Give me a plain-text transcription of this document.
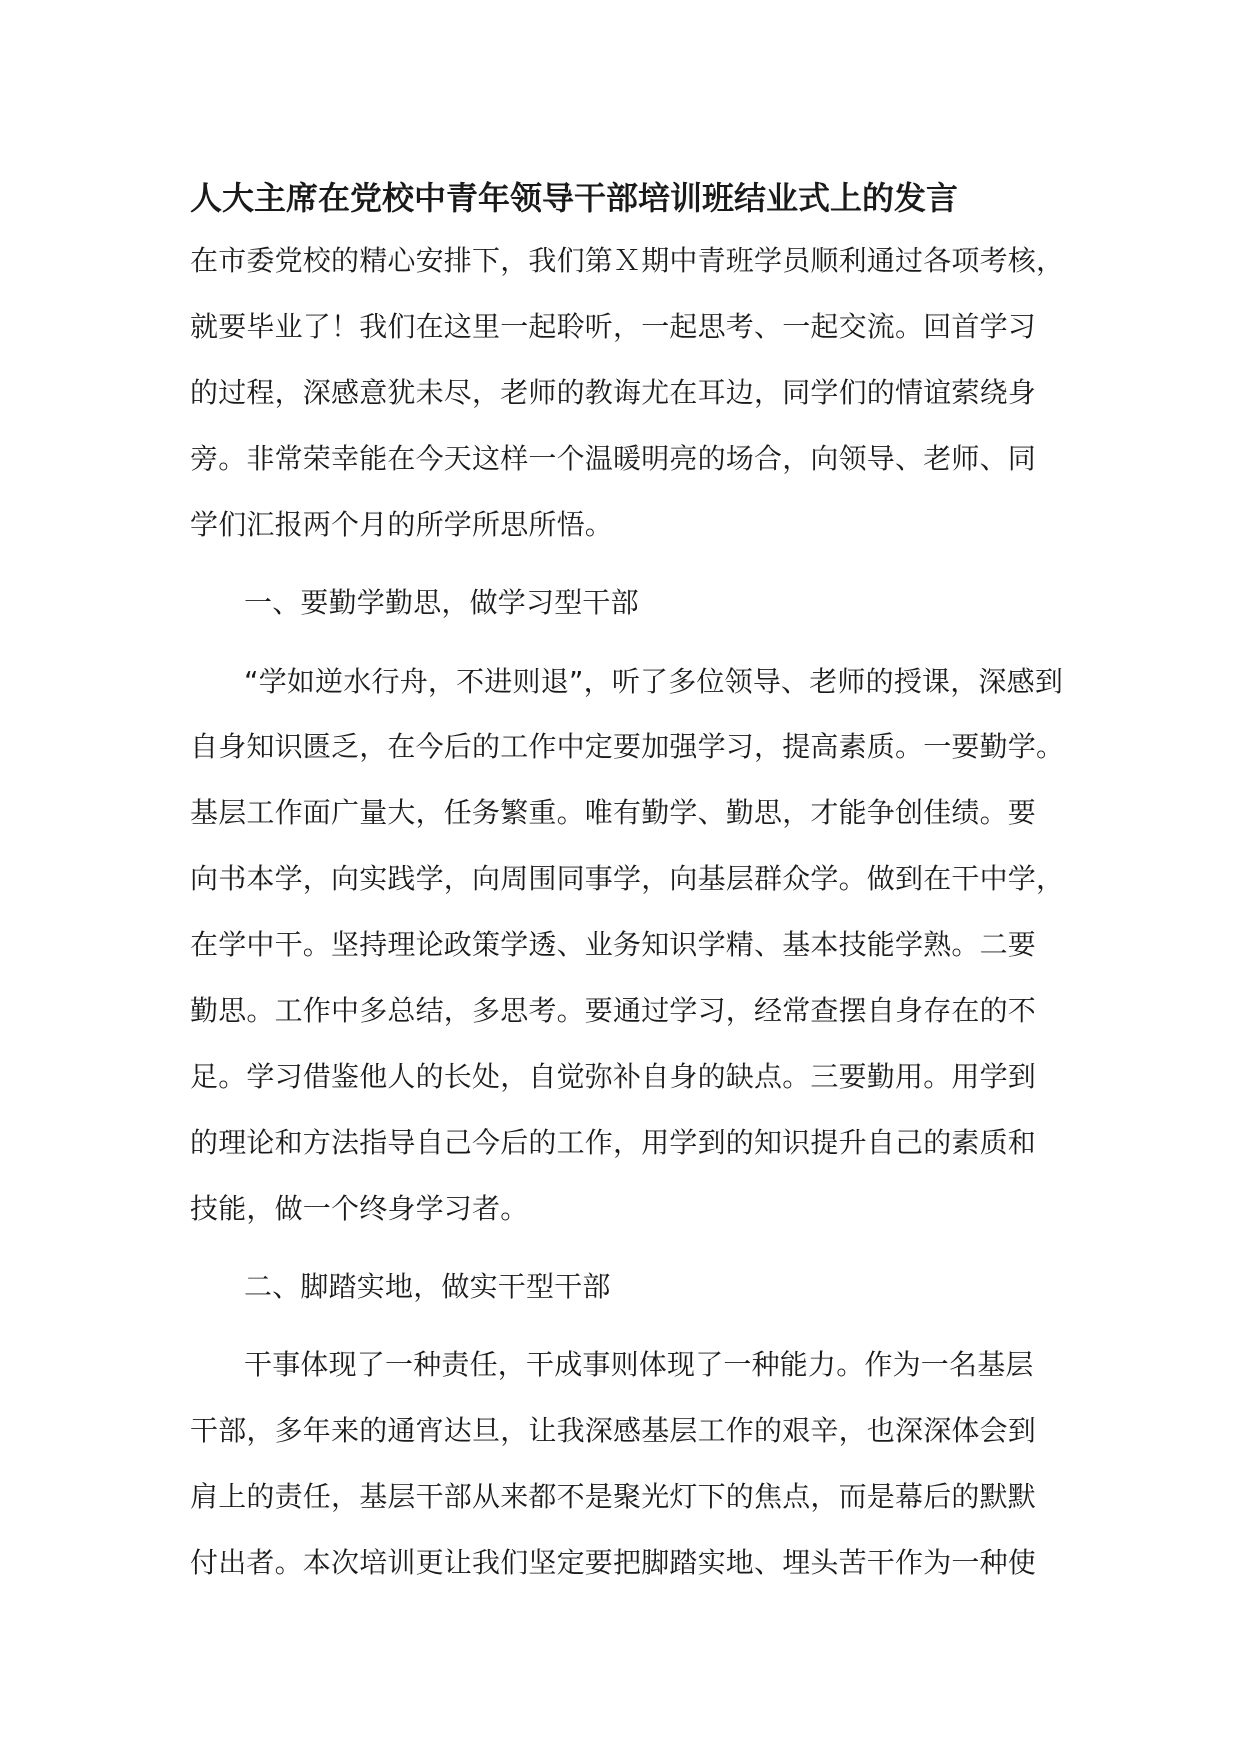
人大主席在党校中青年领导干部培训班结业式上的发言
在市委党校的精心安排下，我们第Ｘ期中青班学员顺利通过各项考核，
就要毕业了！我们在这里一起聆听，一起思考、一起交流。回首学习
的过程，深感意犹未尽，老师的教诲尤在耳边，同学们的情谊萦绕身
旁。非常荣幸能在今天这样一个温暖明亮的场合，向领导、老师、同
学们汇报两个月的所学所思所悟。
一、要勤学勤思，做学习型干部
“学如逆水行舟，不进则退”，听了多位领导、老师的授课，深感到
自身知识匮乏，在今后的工作中定要加强学习，提高素质。一要勤学。
基层工作面广量大，任务繁重。唯有勤学、勤思，才能争创佳绩。要
向书本学，向实践学，向周围同事学，向基层群众学。做到在干中学，
在学中干。坚持理论政策学透、业务知识学精、基本技能学熟。二要
勤思。工作中多总结，多思考。要通过学习，经常查摆自身存在的不
足。学习借鉴他人的长处，自觉弥补自身的缺点。三要勤用。用学到
的理论和方法指导自己今后的工作，用学到的知识提升自己的素质和
技能，做一个终身学习者。
二、脚踏实地，做实干型干部
干事体现了一种责任，干成事则体现了一种能力。作为一名基层
干部，多年来的通宵达旦，让我深感基层工作的艰辛，也深深体会到
肩上的责任，基层干部从来都不是聚光灯下的焦点，而是幕后的默默
付出者。本次培训更让我们坚定要把脚踏实地、埋头苦干作为一种使
